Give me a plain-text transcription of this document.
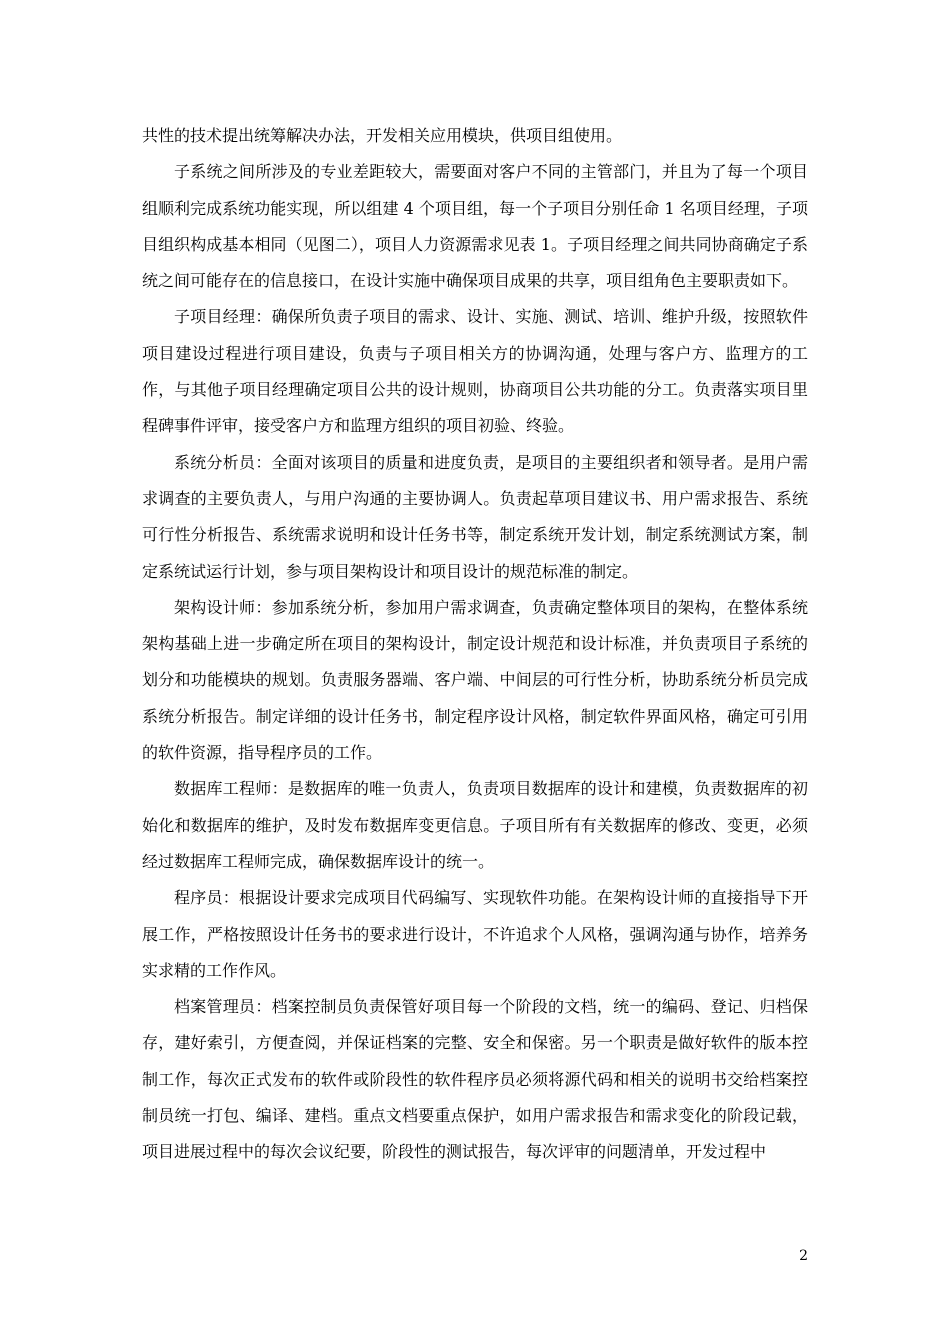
共性的技术提出统筹解决办法，开发相关应用模块，供项目组使用。

子系统之间所涉及的专业差距较大，需要面对客户不同的主管部门，并且为了每一个项目组顺利完成系统功能实现，所以组建 4 个项目组，每一个子项目分别任命 1 名项目经理，子项目组织构成基本相同（见图二），项目人力资源需求见表 1。子项目经理之间共同协商确定子系统之间可能存在的信息接口，在设计实施中确保项目成果的共享，项目组角色主要职责如下。

子项目经理：确保所负责子项目的需求、设计、实施、测试、培训、维护升级，按照软件项目建设过程进行项目建设，负责与子项目相关方的协调沟通，处理与客户方、监理方的工作，与其他子项目经理确定项目公共的设计规则，协商项目公共功能的分工。负责落实项目里程碑事件评审，接受客户方和监理方组织的项目初验、终验。

系统分析员：全面对该项目的质量和进度负责，是项目的主要组织者和领导者。是用户需求调查的主要负责人，与用户沟通的主要协调人。负责起草项目建议书、用户需求报告、系统可行性分析报告、系统需求说明和设计任务书等，制定系统开发计划，制定系统测试方案，制定系统试运行计划，参与项目架构设计和项目设计的规范标准的制定。

架构设计师：参加系统分析，参加用户需求调查，负责确定整体项目的架构，在整体系统架构基础上进一步确定所在项目的架构设计，制定设计规范和设计标准，并负责项目子系统的划分和功能模块的规划。负责服务器端、客户端、中间层的可行性分析，协助系统分析员完成系统分析报告。制定详细的设计任务书，制定程序设计风格，制定软件界面风格，确定可引用的软件资源，指导程序员的工作。

数据库工程师：是数据库的唯一负责人，负责项目数据库的设计和建模，负责数据库的初始化和数据库的维护，及时发布数据库变更信息。子项目所有有关数据库的修改、变更，必须经过数据库工程师完成，确保数据库设计的统一。

程序员：根据设计要求完成项目代码编写、实现软件功能。在架构设计师的直接指导下开展工作，严格按照设计任务书的要求进行设计，不许追求个人风格，强调沟通与协作，培养务实求精的工作作风。

档案管理员：档案控制员负责保管好项目每一个阶段的文档，统一的编码、登记、归档保存，建好索引，方便查阅，并保证档案的完整、安全和保密。另一个职责是做好软件的版本控制工作，每次正式发布的软件或阶段性的软件程序员必须将源代码和相关的说明书交给档案控制员统一打包、编译、建档。重点文档要重点保护，如用户需求报告和需求变化的阶段记载，项目进展过程中的每次会议纪要，阶段性的测试报告，每次评审的问题清单，开发过程中

2
